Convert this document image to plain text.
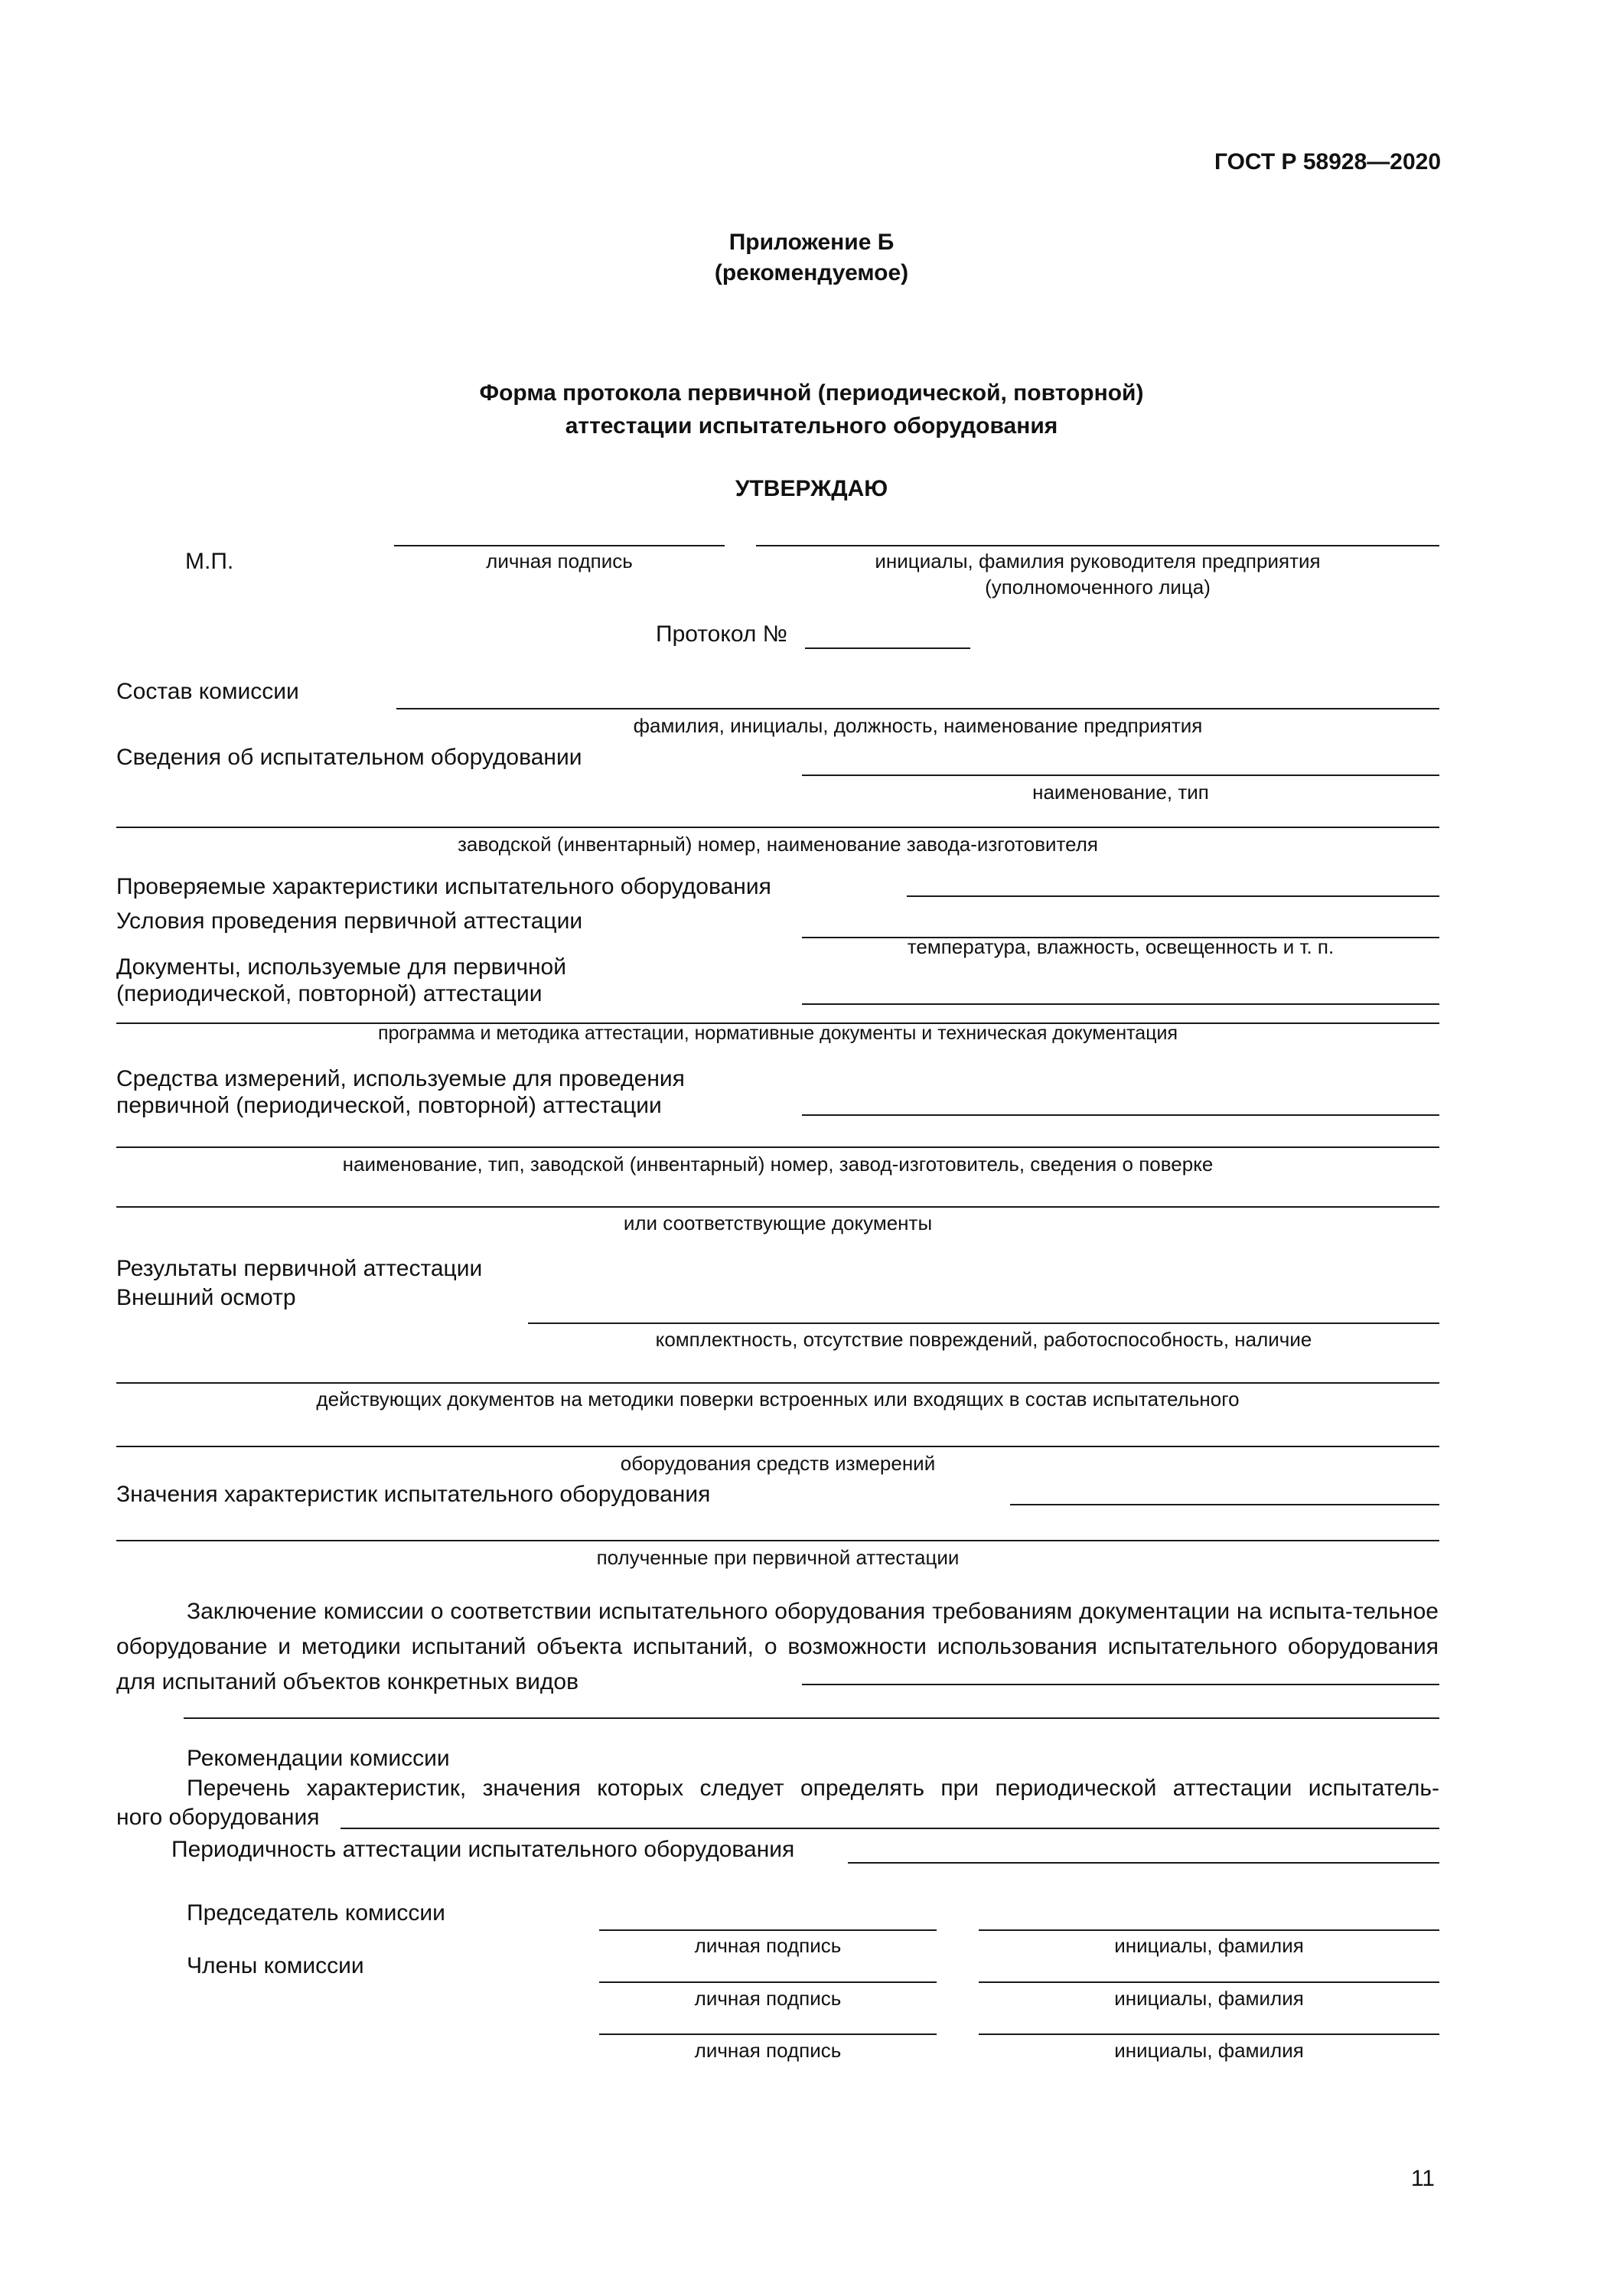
ГОСТ Р 58928—2020
Приложение Б
(рекомендуемое)
Форма протокола первичной (периодической, повторной)
аттестации испытательного оборудования
УТВЕРЖДАЮ
М.П.	личная подпись	инициалы, фамилия руководителя предприятия
(уполномоченного лица)
Протокол №
Состав комиссии
фамилия, инициалы, должность, наименование предприятия
Сведения об испытательном оборудовании
наименование, тип
заводской (инвентарный) номер, наименование завода-изготовителя
Проверяемые характеристики испытательного оборудования
Условия проведения первичной аттестации
температура, влажность, освещенность и т. п.
Документы, используемые для первичной
(периодической, повторной) аттестации
программа и методика аттестации, нормативные документы и техническая документация
Средства измерений, используемые для проведения
первичной (периодической, повторной) аттестации
наименование, тип, заводской (инвентарный) номер, завод-изготовитель, сведения о поверке
или соответствующие документы
Результаты первичной аттестации
Внешний осмотр
комплектность, отсутствие повреждений, работоспособность, наличие
действующих документов на методики поверки встроенных или входящих в состав испытательного
оборудования средств измерений
Значения характеристик испытательного оборудования
полученные при первичной аттестации
Заключение комиссии о соответствии испытательного оборудования требованиям документации на испыта-тельное оборудование и методики испытаний объекта испытаний, о возможности использования испытательного оборудования для испытаний объектов конкретных видов
Рекомендации комиссии
Перечень характеристик, значения которых следует определять при периодической аттестации испытатель-
ного оборудования
Периодичность аттестации испытательного оборудования
Председатель комиссии
личная подпись	инициалы, фамилия
Члены комиссии
личная подпись	инициалы, фамилия
личная подпись	инициалы, фамилия
11
